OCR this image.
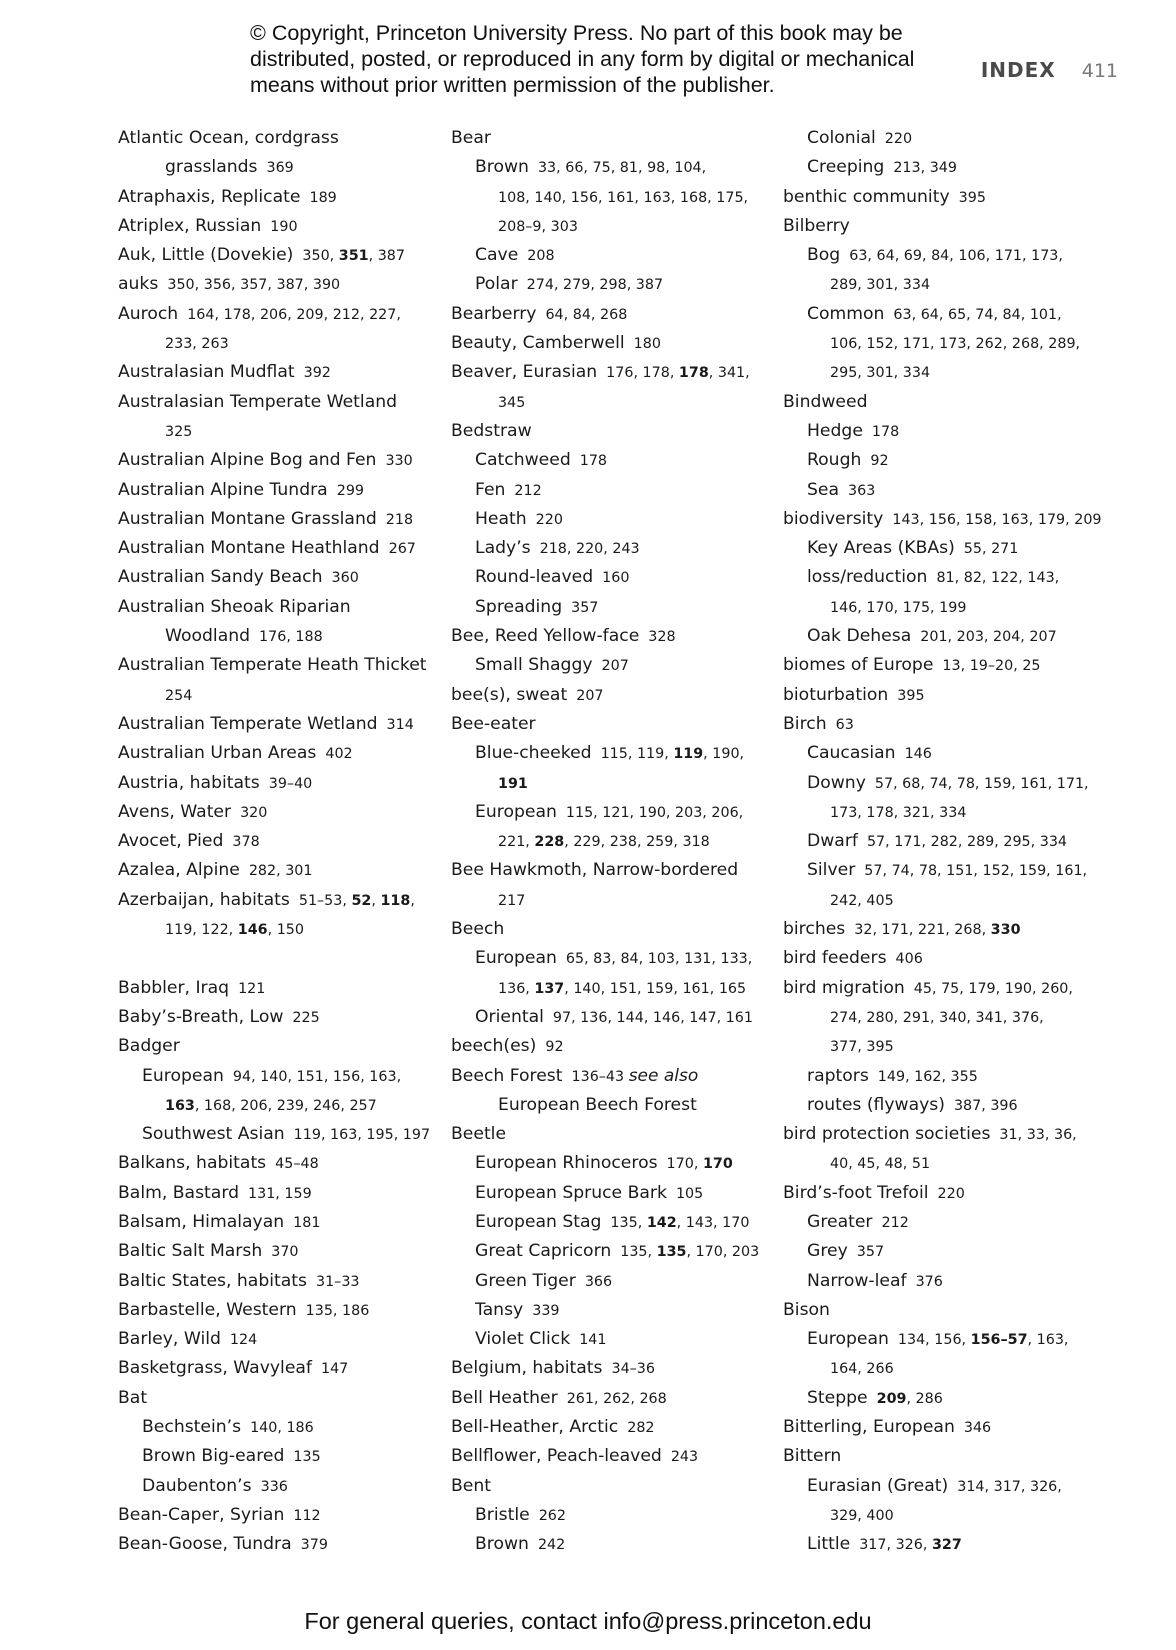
© Copyright, Princeton University Press. No part of this book may be
distributed, posted, or reproduced in any form by digital or mechanical
means without prior written permission of the publisher.
INDEX 411
Atlantic Ocean, cordgrass
grasslands 369
Atraphaxis, Replicate 189
Atriplex, Russian 190
Auk, Little (Dovekie) 350, 351, 387
auks 350, 356, 357, 387, 390
Auroch 164, 178, 206, 209, 212, 227,
233, 263
Australasian Mudflat 392
Australasian Temperate Wetland
325
Australian Alpine Bog and Fen 330
Australian Alpine Tundra 299
Australian Montane Grassland 218
Australian Montane Heathland 267
Australian Sandy Beach 360
Australian Sheoak Riparian
Woodland 176, 188
Australian Temperate Heath Thicket
254
Australian Temperate Wetland 314
Australian Urban Areas 402
Austria, habitats 39–40
Avens, Water 320
Avocet, Pied 378
Azalea, Alpine 282, 301
Azerbaijan, habitats 51–53, 52, 118,
119, 122, 146, 150
Babbler, Iraq 121
Baby’s-Breath, Low 225
Badger
European 94, 140, 151, 156, 163,
163, 168, 206, 239, 246, 257
Southwest Asian 119, 163, 195, 197
Balkans, habitats 45–48
Balm, Bastard 131, 159
Balsam, Himalayan 181
Baltic Salt Marsh 370
Baltic States, habitats 31–33
Barbastelle, Western 135, 186
Barley, Wild 124
Basketgrass, Wavyleaf 147
Bat
Bechstein’s 140, 186
Brown Big-eared 135
Daubenton’s 336
Bean-Caper, Syrian 112
Bean-Goose, Tundra 379
Bear
Brown 33, 66, 75, 81, 98, 104,
108, 140, 156, 161, 163, 168, 175,
208–9, 303
Cave 208
Polar 274, 279, 298, 387
Bearberry 64, 84, 268
Beauty, Camberwell 180
Beaver, Eurasian 176, 178, 178, 341,
345
Bedstraw
Catchweed 178
Fen 212
Heath 220
Lady’s 218, 220, 243
Round-leaved 160
Spreading 357
Bee, Reed Yellow-face 328
Small Shaggy 207
bee(s), sweat 207
Bee-eater
Blue-cheeked 115, 119, 119, 190,
191
European 115, 121, 190, 203, 206,
221, 228, 229, 238, 259, 318
Bee Hawkmoth, Narrow-bordered
217
Beech
European 65, 83, 84, 103, 131, 133,
136, 137, 140, 151, 159, 161, 165
Oriental 97, 136, 144, 146, 147, 161
beech(es) 92
Beech Forest 136–43 see also
European Beech Forest
Beetle
European Rhinoceros 170, 170
European Spruce Bark 105
European Stag 135, 142, 143, 170
Great Capricorn 135, 135, 170, 203
Green Tiger 366
Tansy 339
Violet Click 141
Belgium, habitats 34–36
Bell Heather 261, 262, 268
Bell-Heather, Arctic 282
Bellflower, Peach-leaved 243
Bent
Bristle 262
Brown 242
Colonial 220
Creeping 213, 349
benthic community 395
Bilberry
Bog 63, 64, 69, 84, 106, 171, 173,
289, 301, 334
Common 63, 64, 65, 74, 84, 101,
106, 152, 171, 173, 262, 268, 289,
295, 301, 334
Bindweed
Hedge 178
Rough 92
Sea 363
biodiversity 143, 156, 158, 163, 179, 209
Key Areas (KBAs) 55, 271
loss/reduction 81, 82, 122, 143,
146, 170, 175, 199
Oak Dehesa 201, 203, 204, 207
biomes of Europe 13, 19–20, 25
bioturbation 395
Birch 63
Caucasian 146
Downy 57, 68, 74, 78, 159, 161, 171,
173, 178, 321, 334
Dwarf 57, 171, 282, 289, 295, 334
Silver 57, 74, 78, 151, 152, 159, 161,
242, 405
birches 32, 171, 221, 268, 330
bird feeders 406
bird migration 45, 75, 179, 190, 260,
274, 280, 291, 340, 341, 376,
377, 395
raptors 149, 162, 355
routes (flyways) 387, 396
bird protection societies 31, 33, 36,
40, 45, 48, 51
Bird’s-foot Trefoil 220
Greater 212
Grey 357
Narrow-leaf 376
Bison
European 134, 156, 156–57, 163,
164, 266
Steppe 209, 286
Bitterling, European 346
Bittern
Eurasian (Great) 314, 317, 326,
329, 400
Little 317, 326, 327
For general queries, contact info@press.princeton.edu
